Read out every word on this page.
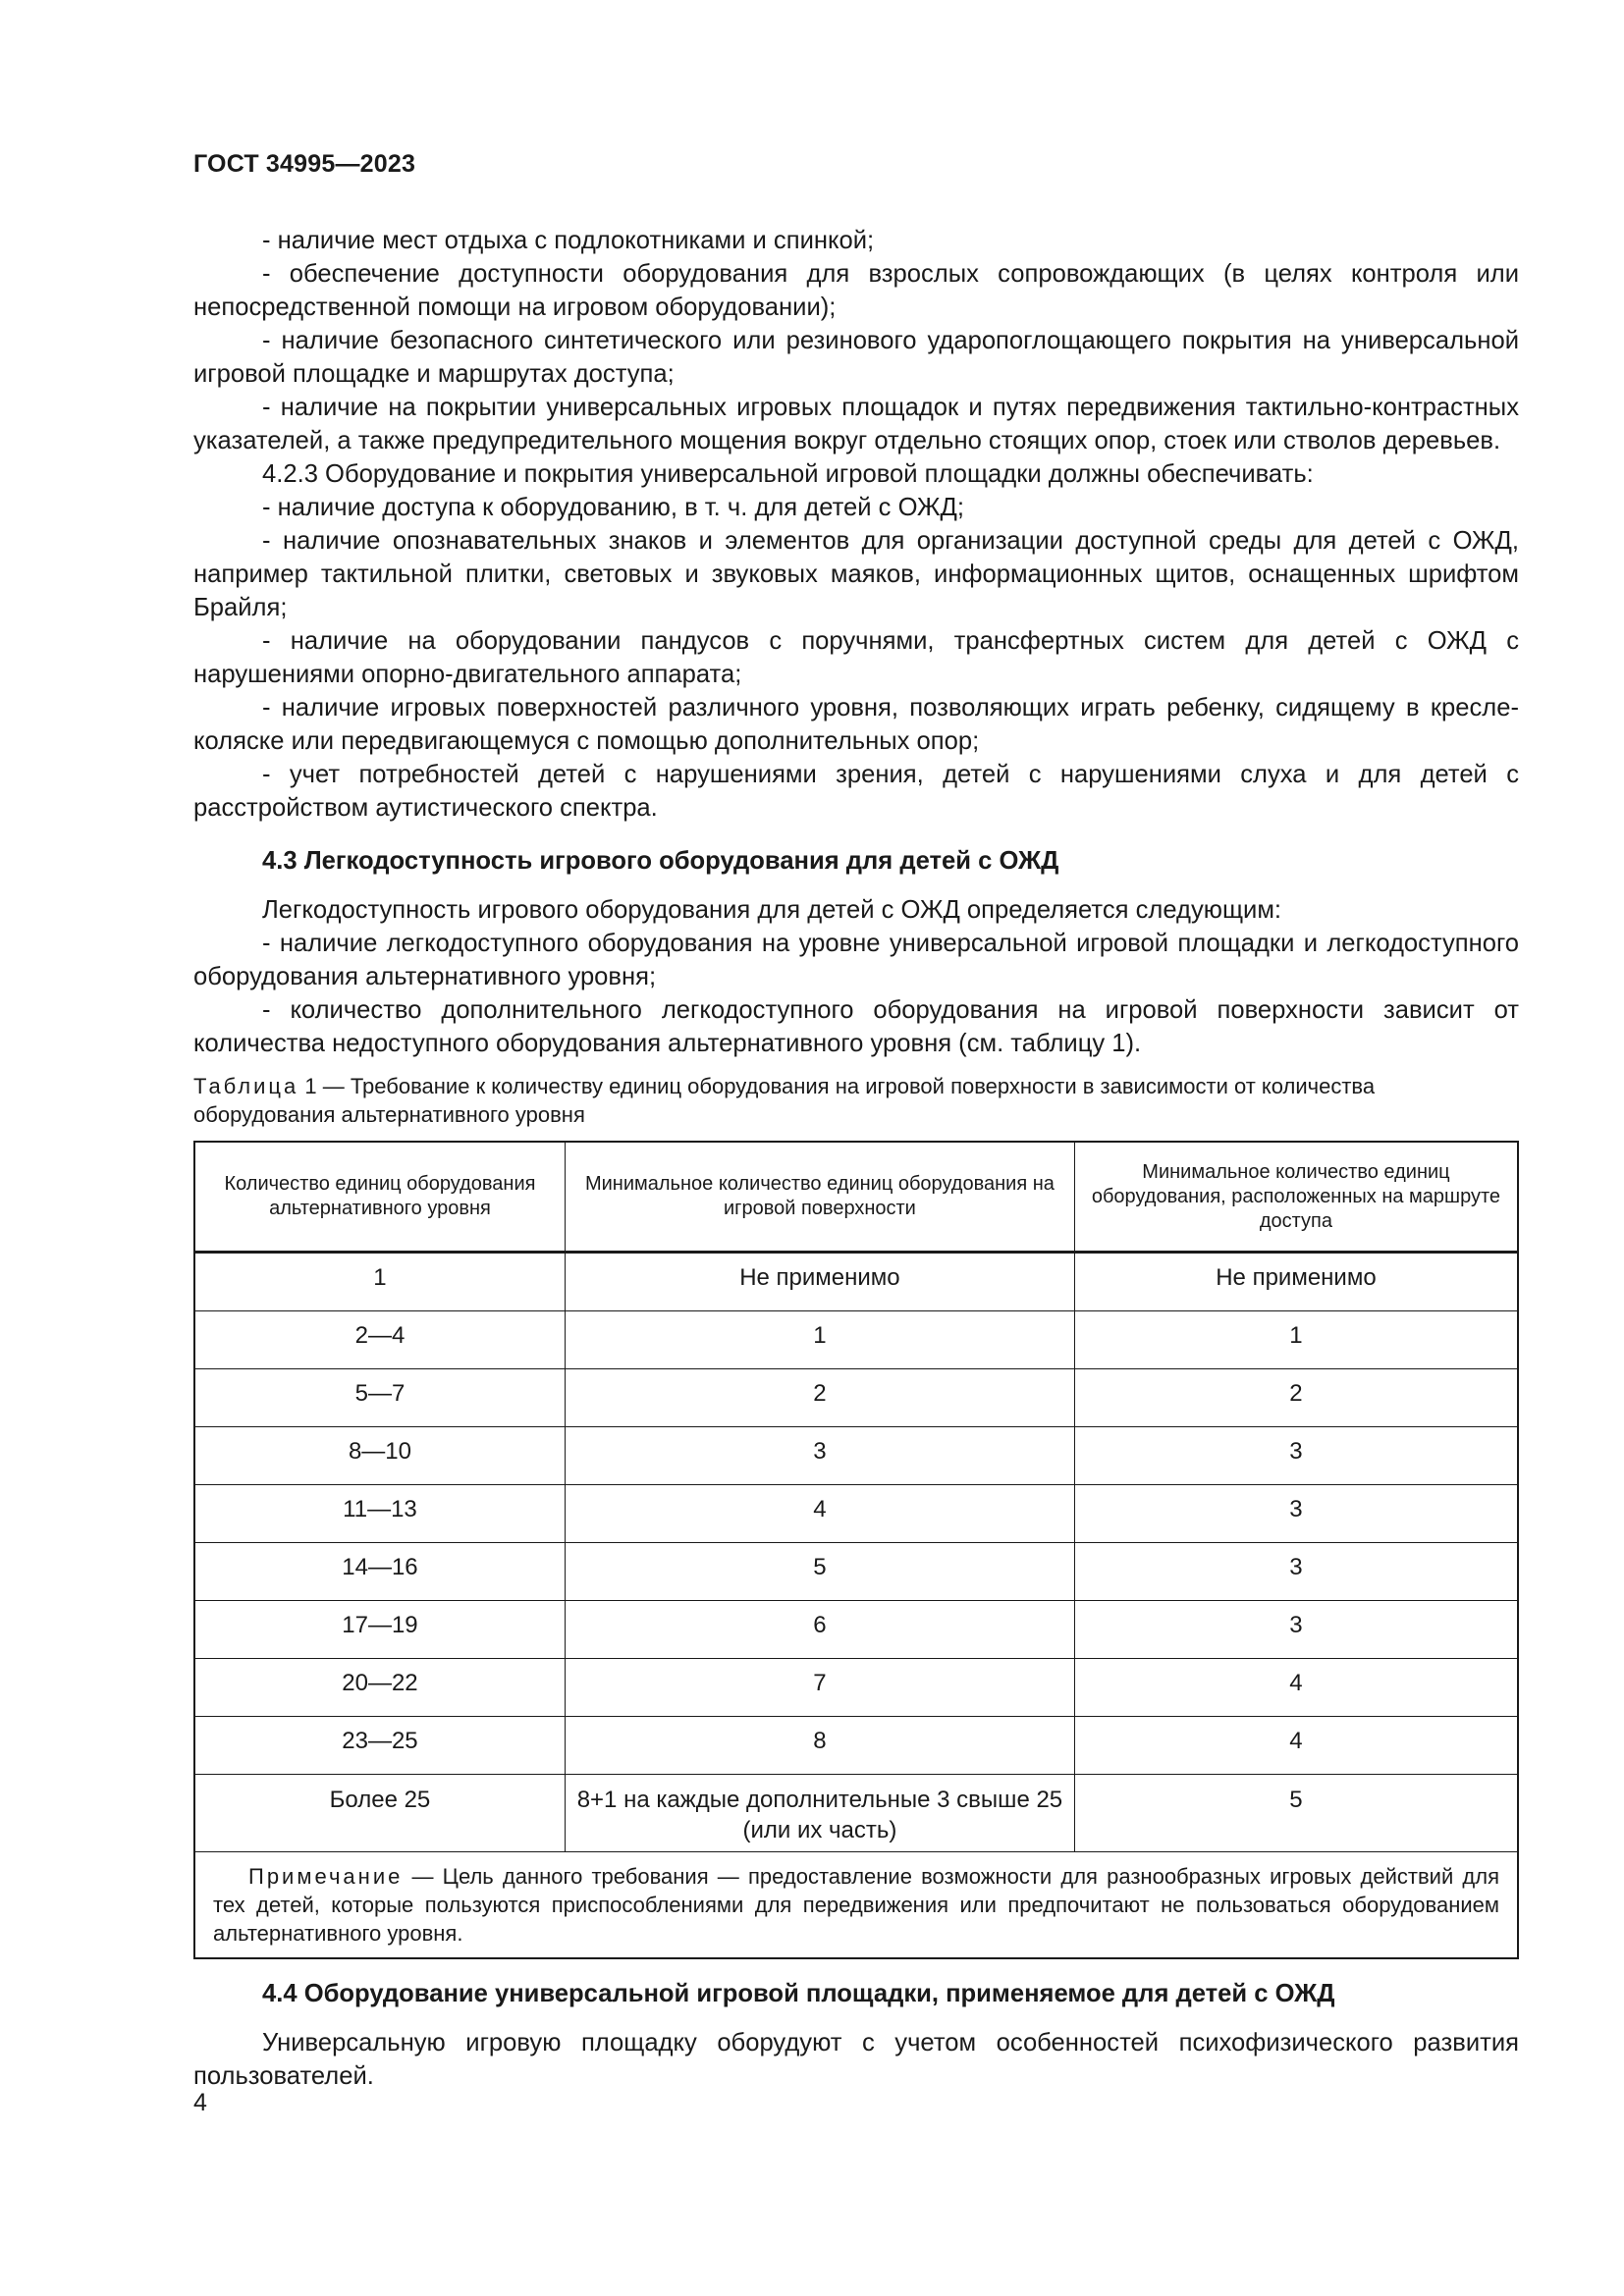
ГОСТ 34995—2023

- наличие мест отдыха с подлокотниками и спинкой;

- обеспечение доступности оборудования для взрослых сопровождающих (в целях контроля или непосредственной помощи на игровом оборудовании);

- наличие безопасного синтетического или резинового ударопоглощающего покрытия на универсальной игровой площадке и маршрутах доступа;

- наличие на покрытии универсальных игровых площадок и путях передвижения тактильно-контрастных указателей, а также предупредительного мощения вокруг отдельно стоящих опор, стоек или стволов деревьев.

4.2.3 Оборудование и покрытия универсальной игровой площадки должны обеспечивать:

- наличие доступа к оборудованию, в т. ч. для детей с ОЖД;

- наличие опознавательных знаков и элементов для организации доступной среды для детей с ОЖД, например тактильной плитки, световых и звуковых маяков, информационных щитов, оснащенных шрифтом Брайля;

- наличие на оборудовании пандусов с поручнями, трансфертных систем для детей с ОЖД с нарушениями опорно-двигательного аппарата;

- наличие игровых поверхностей различного уровня, позволяющих играть ребенку, сидящему в кресле-коляске или передвигающемуся с помощью дополнительных опор;

- учет потребностей детей с нарушениями зрения, детей с нарушениями слуха и для детей с расстройством аутистического спектра.

4.3 Легкодоступность игрового оборудования для детей с ОЖД

Легкодоступность игрового оборудования для детей с ОЖД определяется следующим:

- наличие легкодоступного оборудования на уровне универсальной игровой площадки и легкодоступного оборудования альтернативного уровня;

- количество дополнительного легкодоступного оборудования на игровой поверхности зависит от количества недоступного оборудования альтернативного уровня (см. таблицу 1).

Таблица 1 — Требование к количеству единиц оборудования на игровой поверхности в зависимости от количества оборудования альтернативного уровня

Количество единиц оборудования альтернативного уровня	Минимальное количество единиц оборудования на игровой поверхности	Минимальное количество единиц оборудования, расположенных на маршруте доступа
1	Не применимо	Не применимо
2—4	1	1
5—7	2	2
8—10	3	3
11—13	4	3
14—16	5	3
17—19	6	3
20—22	7	4
23—25	8	4
Более 25	8+1 на каждые дополнительные 3 свыше 25 (или их часть)	5
Примечание — Цель данного требования — предоставление возможности для разнообразных игровых действий для тех детей, которые пользуются приспособлениями для передвижения или предпочитают не пользоваться оборудованием альтернативного уровня.		

4.4 Оборудование универсальной игровой площадки, применяемое для детей с ОЖД

Универсальную игровую площадку оборудуют с учетом особенностей психофизического развития пользователей.

4
